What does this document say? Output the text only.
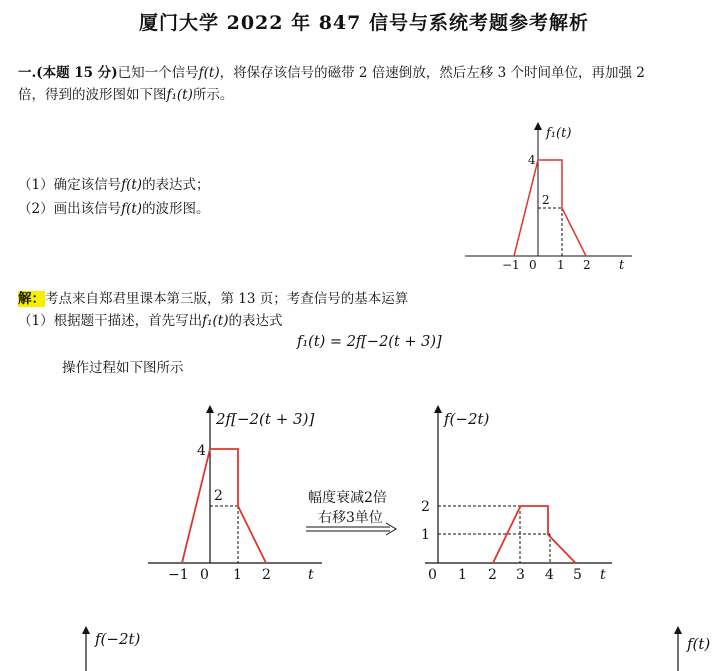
厦门大学 2022 年 847 信号与系统考题参考解析
一.(本题 15 分)已知一个信号f(t)，将保存该信号的磁带 2 倍速倒放，然后左移 3 个时间单位，再加强 2
倍，得到的波形图如下图f₁(t)所示。
（1）确定该信号f(t)的表达式；
（2）画出该信号f(t)的波形图。
解：考点来自郑君里课本第三版，第 13 页；考查信号的基本运算
（1）根据题干描述，首先写出f₁(t)的表达式
f₁(t) = 2f[−2(t + 3)]
操作过程如下图所示
f₁(t)
4
2
−1 0 1 2 t
2f[−2(t + 3)]
4
2
−1 0 1 2	t
幅度衰减2倍
右移3单位
f(−2t)
2
1
0 1 2 3 4 5 t
f(−2t)	f(t)
